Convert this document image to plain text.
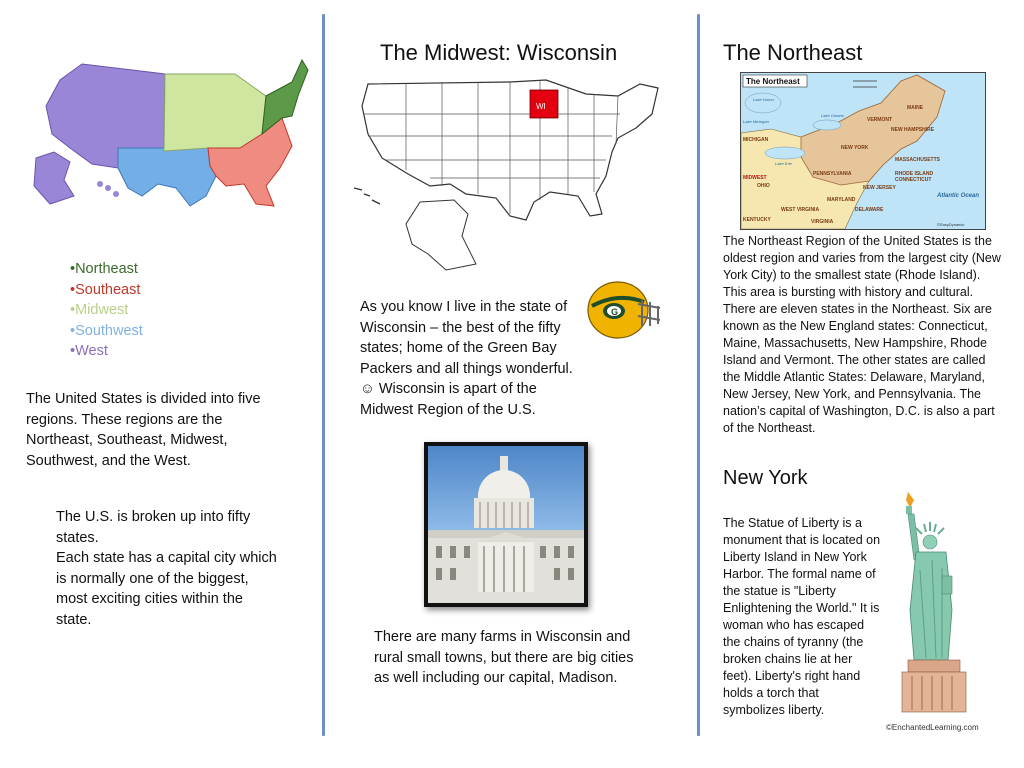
• Northeast
• Southeast
• Midwest
• Southwest
• West
The United States is divided into five regions. These regions are the Northeast, Southeast, Midwest, Southwest, and the West.
The U.S. is broken up into fifty states.
Each state has a capital city which is normally one of the biggest, most exciting cities within the state.
The Midwest: Wisconsin
WI
G
As you know I live in the state of Wisconsin – the best of the fifty states; home of the Green Bay Packers and all things wonderful. ☺ Wisconsin is apart of the Midwest Region of the U.S.
There are many farms in Wisconsin and rural small towns, but there are big cities as well including our capital, Madison.
The Northeast
The Northeast
MAINE
VERMONT
NEW HAMPSHIRE
NEW YORK
MASSACHUSETTS
RHODE ISLAND
CONNECTICUT
PENNSYLVANIA
NEW JERSEY
DELAWARE
MARYLAND
WEST VIRGINIA
VIRGINIA
KENTUCKY
OHIO
MICHIGAN
MIDWEST
Atlantic Ocean
Lake Huron
Lake Erie
Lake Michigan
Lake Ontario
©EasyDynamic
The Northeast Region of the United States is the oldest region and varies from the largest city (New York City) to the smallest state (Rhode Island). This area is bursting with history and cultural. There are eleven states in the Northeast. Six are known as the New England states: Connecticut, Maine, Massachusetts, New Hampshire, Rhode Island and Vermont. The other states are called the Middle Atlantic States: Delaware, Maryland, New Jersey, New York, and Pennsylvania. The nation’s capital of Washington, D.C. is also a part of the Northeast.
New York
The Statue of Liberty is a monument that is located on Liberty Island in New York Harbor. The formal name of the statue is "Liberty Enlightening the World." It is woman who has escaped the chains of tyranny (the broken chains lie at her feet). Liberty's right hand holds a torch that symbolizes liberty.
©EnchantedLearning.com
